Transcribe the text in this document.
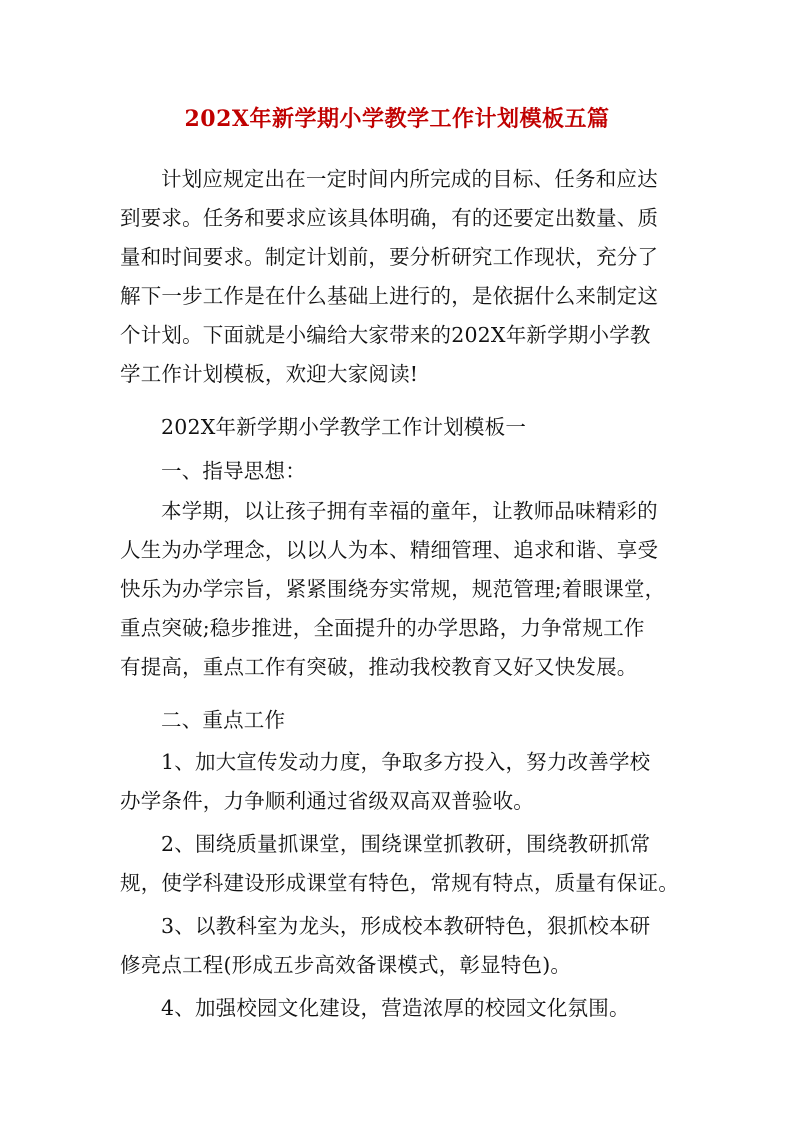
202X年新学期小学教学工作计划模板五篇
计划应规定出在一定时间内所完成的目标、任务和应达
到要求。任务和要求应该具体明确，有的还要定出数量、质
量和时间要求。制定计划前，要分析研究工作现状，充分了
解下一步工作是在什么基础上进行的，是依据什么来制定这
个计划。下面就是小编给大家带来的202X年新学期小学教
学工作计划模板，欢迎大家阅读!
202X年新学期小学教学工作计划模板一
一、指导思想：
本学期，以让孩子拥有幸福的童年，让教师品味精彩的
人生为办学理念，以以人为本、精细管理、追求和谐、享受
快乐为办学宗旨，紧紧围绕夯实常规，规范管理;着眼课堂，
重点突破;稳步推进，全面提升的办学思路，力争常规工作
有提高，重点工作有突破，推动我校教育又好又快发展。
二、重点工作
1、加大宣传发动力度，争取多方投入，努力改善学校
办学条件，力争顺利通过省级双高双普验收。
2、围绕质量抓课堂，围绕课堂抓教研，围绕教研抓常
规，使学科建设形成课堂有特色，常规有特点，质量有保证。
3、以教科室为龙头，形成校本教研特色，狠抓校本研
修亮点工程(形成五步高效备课模式，彰显特色)。
4、加强校园文化建设，营造浓厚的校园文化氛围。
